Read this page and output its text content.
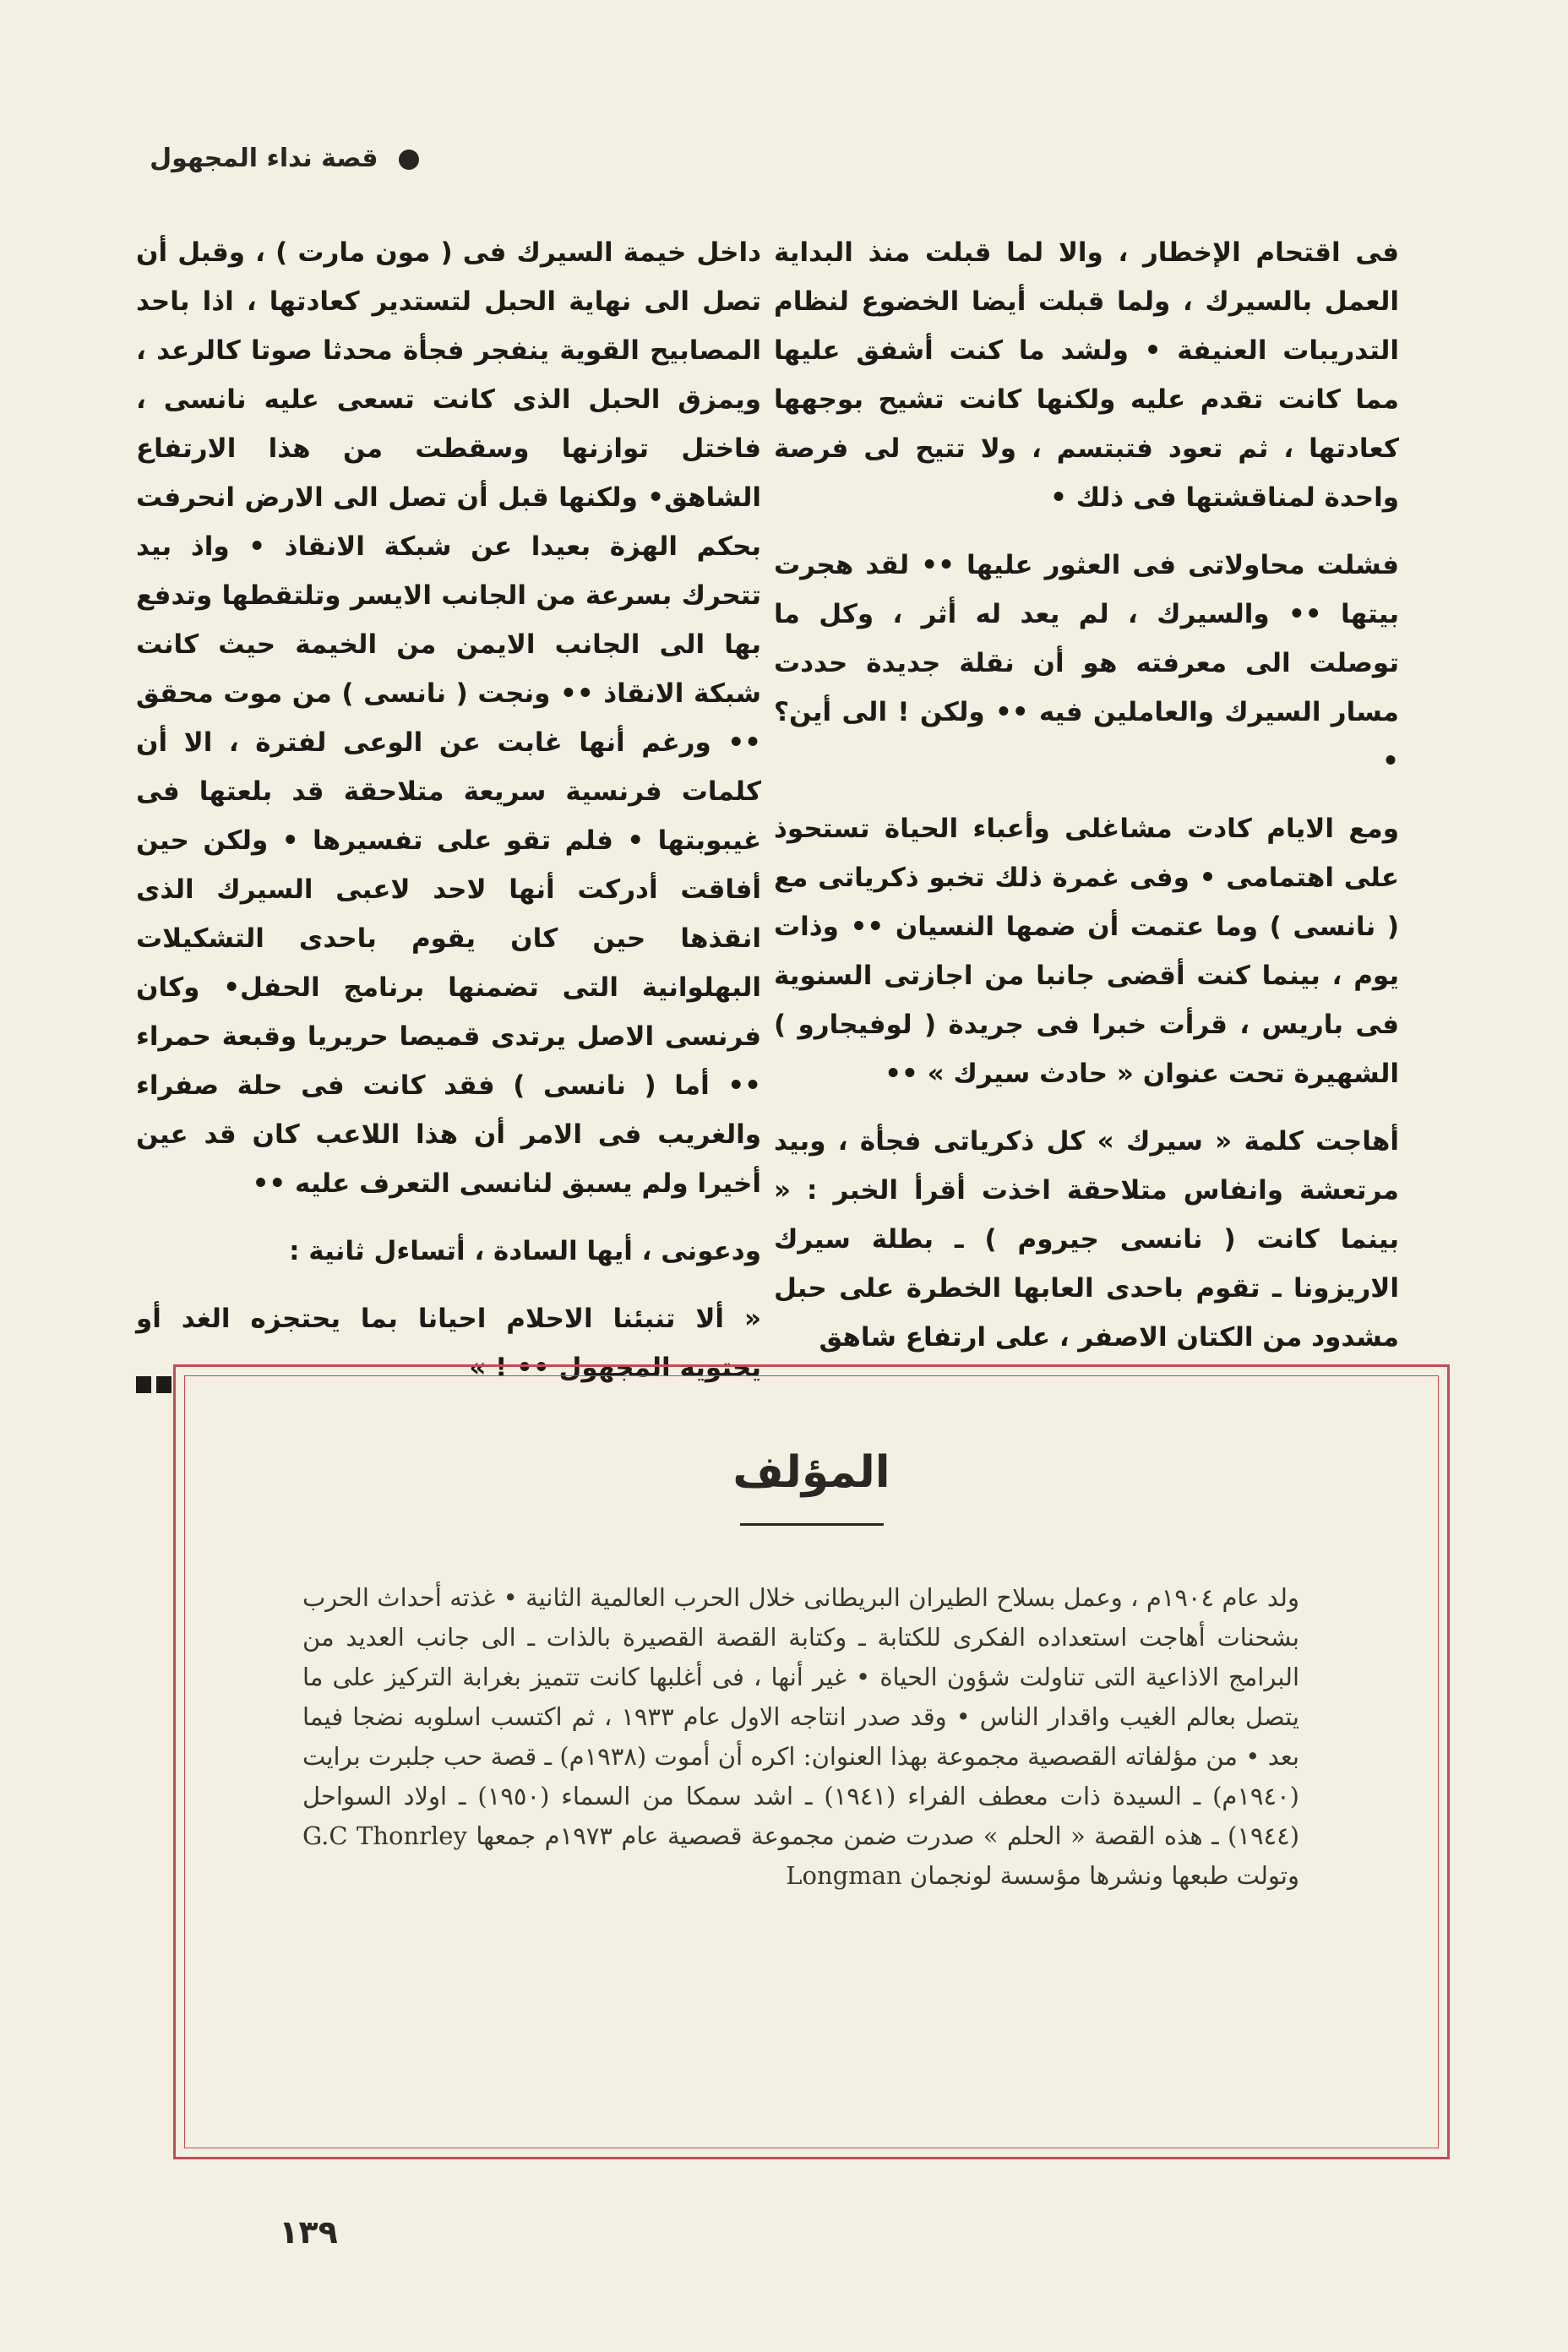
قصة نداء المجهول

فى اقتحام الإخطار ، والا لما قبلت منذ البداية العمل بالسيرك ، ولما قبلت أيضا الخضوع لنظام التدريبات العنيفة • ولشد ما كنت أشفق عليها مما كانت تقدم عليه ولكنها كانت تشيح بوجهها كعادتها ، ثم تعود فتبتسم ، ولا تتيح لى فرصة واحدة لمناقشتها فى ذلك •

فشلت محاولاتى فى العثور عليها •• لقد هجرت بيتها •• والسيرك ، لم يعد له أثر ، وكل ما توصلت الى معرفته هو أن نقلة جديدة حددت مسار السيرك والعاملين فيه •• ولكن ! الى أين؟•

ومع الايام كادت مشاغلى وأعباء الحياة تستحوذ على اهتمامى • وفى غمرة ذلك تخبو ذكرياتى مع ( نانسى ) وما عتمت أن ضمها النسيان •• وذات يوم ، بينما كنت أقضى جانبا من اجازتى السنوية فى باريس ، قرأت خبرا فى جريدة ( لوفيجارو ) الشهيرة تحت عنوان « حادث سيرك » ••

أهاجت كلمة « سيرك » كل ذكرياتى فجأة ، وبيد مرتعشة وانفاس متلاحقة اخذت أقرأ الخبر : « بينما كانت ( نانسى جيروم ) ـ بطلة سيرك الاريزونا ـ تقوم باحدى العابها الخطرة على حبل مشدود من الكتان الاصفر ، على ارتفاع شاهق

داخل خيمة السيرك فى ( مون مارت ) ، وقبل أن تصل الى نهاية الحبل لتستدير كعادتها ، اذا باحد المصابيح القوية ينفجر فجأة محدثا صوتا كالرعد ، ويمزق الحبل الذى كانت تسعى عليه نانسى ، فاختل توازنها وسقطت من هذا الارتفاع الشاهق• ولكنها قبل أن تصل الى الارض انحرفت بحكم الهزة بعيدا عن شبكة الانقاذ • واذ بيد تتحرك بسرعة من الجانب الايسر وتلتقطها وتدفع بها الى الجانب الايمن من الخيمة حيث كانت شبكة الانقاذ •• ونجت ( نانسى ) من موت محقق •• ورغم أنها غابت عن الوعى لفترة ، الا أن كلمات فرنسية سريعة متلاحقة قد بلعتها فى غيبوبتها • فلم تقو على تفسيرها • ولكن حين أفاقت أدركت أنها لاحد لاعبى السيرك الذى انقذها حين كان يقوم باحدى التشكيلات البهلوانية التى تضمنها برنامج الحفل• وكان فرنسى الاصل يرتدى قميصا حريريا وقبعة حمراء •• أما ( نانسى ) فقد كانت فى حلة صفراء والغريب فى الامر أن هذا اللاعب كان قد عين أخيرا ولم يسبق لنانسى التعرف عليه ••

ودعونى ، أيها السادة ، أتساءل ثانية :

« ألا تنبئنا الاحلام احيانا بما يحتجزه الغد أو يحتويه المجهول •• ! »

المؤلف

ولد عام ١٩٠٤م ، وعمل بسلاح الطيران البريطانى خلال الحرب العالمية الثانية • غذته أحداث الحرب بشحنات أهاجت استعداده الفكرى للكتابة ـ وكتابة القصة القصيرة بالذات ـ الى جانب العديد من البرامج الاذاعية التى تناولت شؤون الحياة • غير أنها ، فى أغلبها كانت تتميز بغرابة التركيز على ما يتصل بعالم الغيب واقدار الناس • وقد صدر انتاجه الاول عام ١٩٣٣ ، ثم اكتسب اسلوبه نضجا فيما بعد • من مؤلفاته القصصية مجموعة بهذا العنوان: اكره أن أموت (١٩٣٨م) ـ قصة حب جلبرت برايت (١٩٤٠م) ـ السيدة ذات معطف الفراء (١٩٤١) ـ اشد سمكا من السماء (١٩٥٠) ـ اولاد السواحل (١٩٤٤) ـ هذه القصة « الحلم » صدرت ضمن مجموعة قصصية عام ١٩٧٣م جمعها G.C Thonrley وتولت طبعها ونشرها مؤسسة لونجمان Longman

١٣٩
